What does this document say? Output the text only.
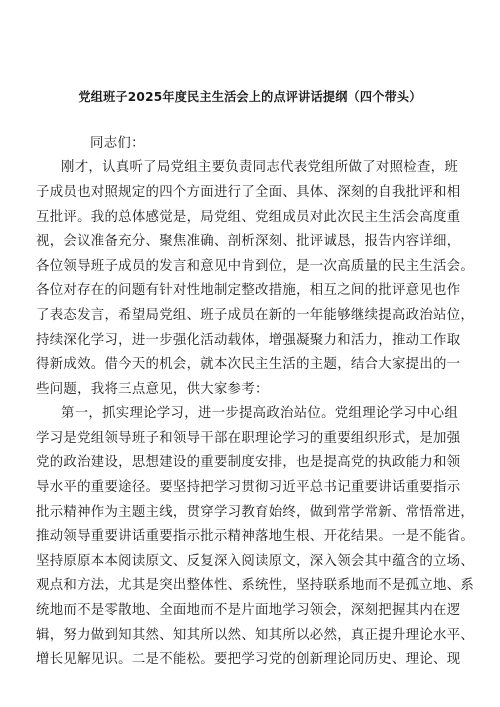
党组班子2025年度民主生活会上的点评讲话提纲（四个带头）
同志们：
刚才，认真听了局党组主要负责同志代表党组所做了对照检查，班
子成员也对照规定的四个方面进行了全面、具体、深刻的自我批评和相
互批评。我的总体感觉是，局党组、党组成员对此次民主生活会高度重
视，会议准备充分、聚焦准确、剖析深刻、批评诚恳，报告内容详细，
各位领导班子成员的发言和意见中肯到位，是一次高质量的民主生活会。
各位对存在的问题有针对性地制定整改措施，相互之间的批评意见也作
了表态发言，希望局党组、班子成员在新的一年能够继续提高政治站位，
持续深化学习，进一步强化活动载体，增强凝聚力和活力，推动工作取
得新成效。借今天的机会，就本次民主生活的主题，结合大家提出的一
些问题，我将三点意见，供大家参考：
第一，抓实理论学习，进一步提高政治站位。党组理论学习中心组
学习是党组领导班子和领导干部在职理论学习的重要组织形式，是加强
党的政治建设，思想建设的重要制度安排，也是提高党的执政能力和领
导水平的重要途径。要坚持把学习贯彻习近平总书记重要讲话重要指示
批示精神作为主题主线，贯穿学习教育始终，做到常学常新、常悟常进，
推动领导重要讲话重要指示批示精神落地生根、开花结果。一是不能省。
坚持原原本本阅读原文、反复深入阅读原文，深入领会其中蕴含的立场、
观点和方法，尤其是突出整体性、系统性，坚持联系地而不是孤立地、系
统地而不是零散地、全面地而不是片面地学习领会，深刻把握其内在逻
辑，努力做到知其然、知其所以然、知其所以必然，真正提升理论水平、
增长见解见识。二是不能松。要把学习党的创新理论同历史、理论、现
